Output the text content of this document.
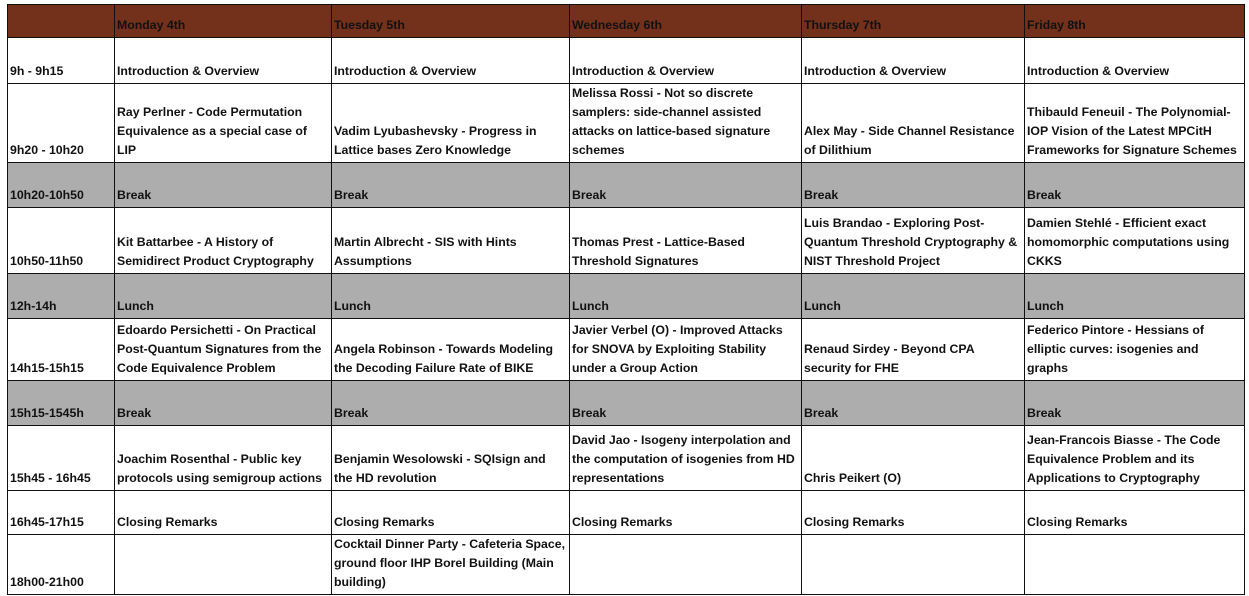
	Monday 4th	Tuesday 5th	Wednesday 6th	Thursday 7th	Friday 8th
9h - 9h15	Introduction & Overview	Introduction & Overview	Introduction & Overview	Introduction & Overview	Introduction & Overview
9h20 - 10h20	Ray Perlner - Code Permutation Equivalence as a special case of LIP	Vadim Lyubashevsky - Progress in Lattice bases Zero Knowledge	Melissa Rossi - Not so discrete samplers: side-channel assisted attacks on lattice-based signature schemes	Alex May - Side Channel Resistance of Dilithium	Thibauld Feneuil - The Polynomial-IOP Vision of the Latest MPCitH Frameworks for Signature Schemes
10h20-10h50	Break	Break	Break	Break	Break
10h50-11h50	Kit Battarbee - A History of Semidirect Product Cryptography	Martin Albrecht - SIS with Hints Assumptions	Thomas Prest - Lattice-Based Threshold Signatures	Luis Brandao - Exploring Post-Quantum Threshold Cryptography & NIST Threshold Project	Damien Stehlé - Efficient exact homomorphic computations using CKKS
12h-14h	Lunch	Lunch	Lunch	Lunch	Lunch
14h15-15h15	Edoardo Persichetti - On Practical Post-Quantum Signatures from the Code Equivalence Problem	Angela Robinson - Towards Modeling the Decoding Failure Rate of BIKE	Javier Verbel (O) - Improved Attacks for SNOVA by Exploiting Stability under a Group Action	Renaud Sirdey - Beyond CPA security for FHE	Federico Pintore - Hessians of elliptic curves: isogenies and graphs
15h15-1545h	Break	Break	Break	Break	Break
15h45 - 16h45	Joachim Rosenthal - Public key protocols using semigroup actions	Benjamin Wesolowski - SQIsign and the HD revolution	David Jao - Isogeny interpolation and the computation of isogenies from HD representations	Chris Peikert (O)	Jean-Francois Biasse - The Code Equivalence Problem and its Applications to Cryptography
16h45-17h15	Closing Remarks	Closing Remarks	Closing Remarks	Closing Remarks	Closing Remarks
18h00-21h00		Cocktail Dinner Party - Cafeteria Space, ground floor IHP Borel Building (Main building)			
